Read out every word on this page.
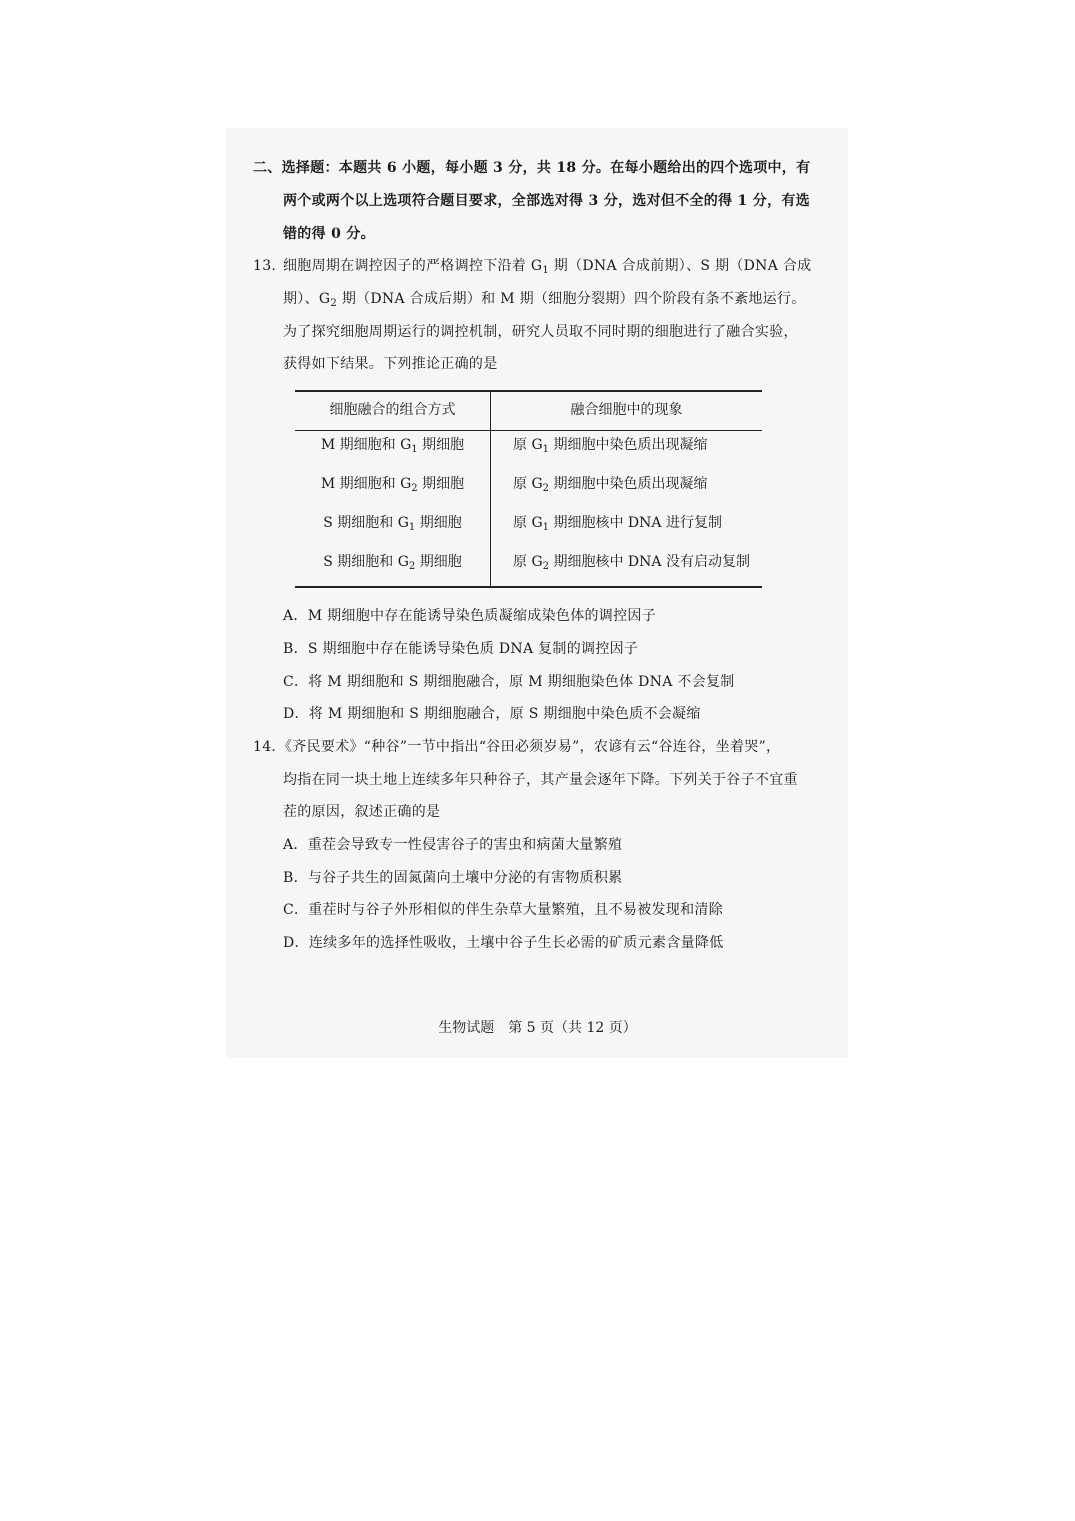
二、选择题：本题共 6 小题，每小题 3 分，共 18 分。在每小题给出的四个选项中，有
两个或两个以上选项符合题目要求，全部选对得 3 分，选对但不全的得 1 分，有选
错的得 0 分。
13. 细胞周期在调控因子的严格调控下沿着 $G_1$ 期（DNA 合成前期）、S 期（DNA 合成
期）、$G_2$ 期（DNA 合成后期）和 M 期（细胞分裂期）四个阶段有条不紊地运行。
为了探究细胞周期运行的调控机制，研究人员取不同时期的细胞进行了融合实验，
获得如下结果。下列推论正确的是
细胞融合的组合方式	融合细胞中的现象
M 期细胞和 $G_1$ 期细胞	原 $G_1$ 期细胞中染色质出现凝缩
M 期细胞和 $G_2$ 期细胞	原 $G_2$ 期细胞中染色质出现凝缩
S 期细胞和 $G_1$ 期细胞	原 $G_1$ 期细胞核中 DNA 进行复制
S 期细胞和 $G_2$ 期细胞	原 $G_2$ 期细胞核中 DNA 没有启动复制
A．M 期细胞中存在能诱导染色质凝缩成染色体的调控因子
B．S 期细胞中存在能诱导染色质 DNA 复制的调控因子
C．将 M 期细胞和 S 期细胞融合，原 M 期细胞染色体 DNA 不会复制
D．将 M 期细胞和 S 期细胞融合，原 S 期细胞中染色质不会凝缩
14. 《齐民要术》“种谷”一节中指出“谷田必须岁易”，农谚有云“谷连谷，坐着哭”，
均指在同一块土地上连续多年只种谷子，其产量会逐年下降。下列关于谷子不宜重
茬的原因，叙述正确的是
A．重茬会导致专一性侵害谷子的害虫和病菌大量繁殖
B．与谷子共生的固氮菌向土壤中分泌的有害物质积累
C．重茬时与谷子外形相似的伴生杂草大量繁殖，且不易被发现和清除
D．连续多年的选择性吸收，土壤中谷子生长必需的矿质元素含量降低
生物试题　第 5 页（共 12 页）
